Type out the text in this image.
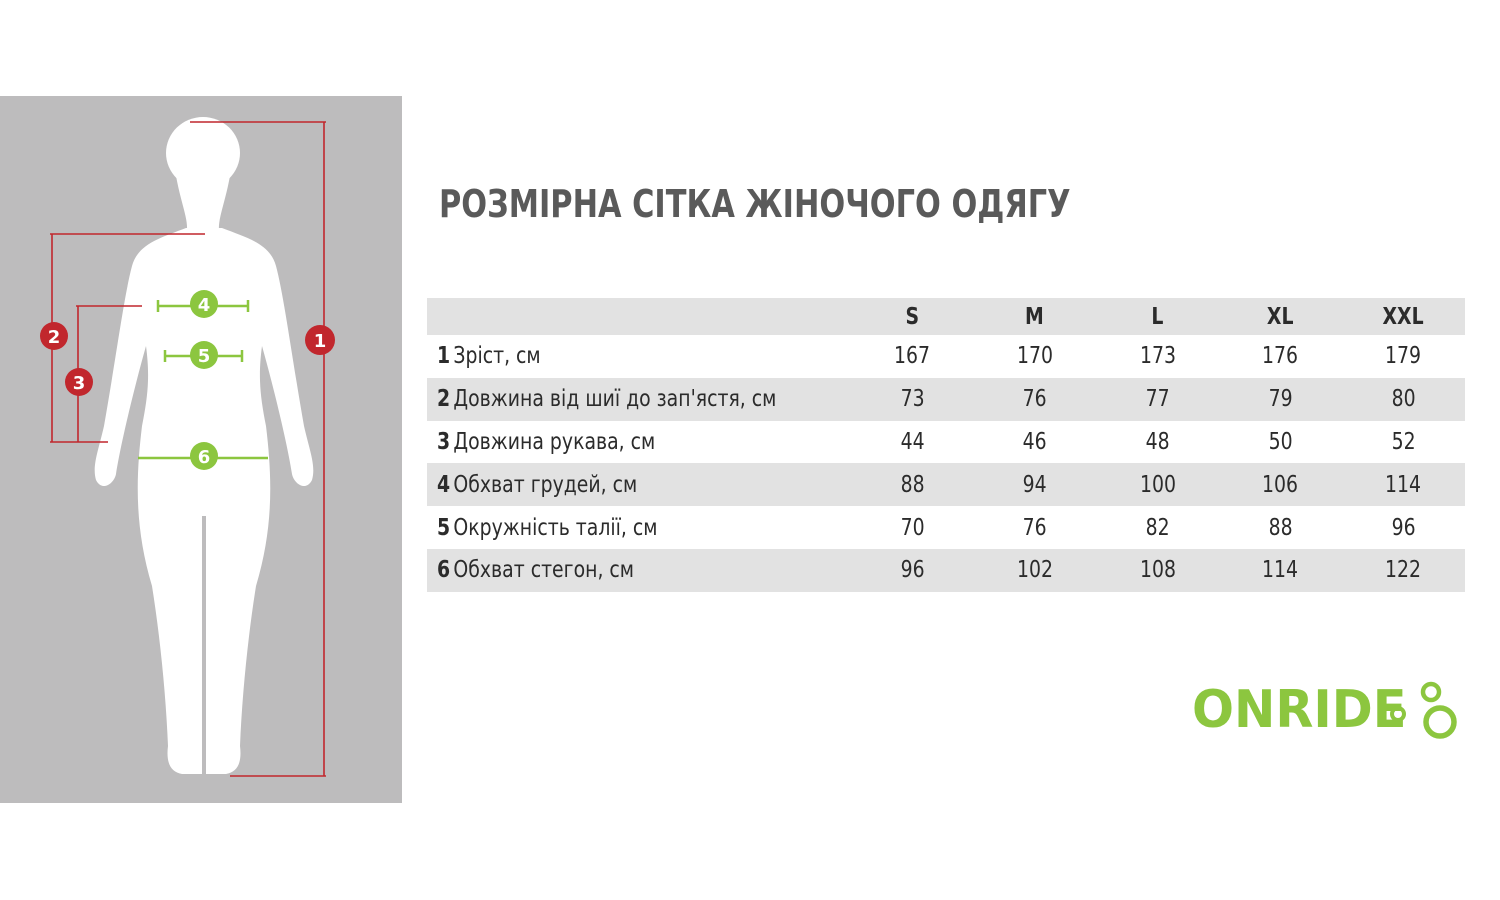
1
2
3
4
5
6
РОЗМІРНА СІТКА ЖІНОЧОГО ОДЯГУ
	S	M	L	XL	XXL
1 Зріст, см	167	170	173	176	179
2 Довжина від шиї до зап'ястя, см	73	76	77	79	80
3 Довжина рукава, см	44	46	48	50	52
4 Обхват грудей, см	88	94	100	106	114
5 Окружність талії, см	70	76	82	88	96
6 Обхват стегон, см	96	102	108	114	122
ONRIDE
